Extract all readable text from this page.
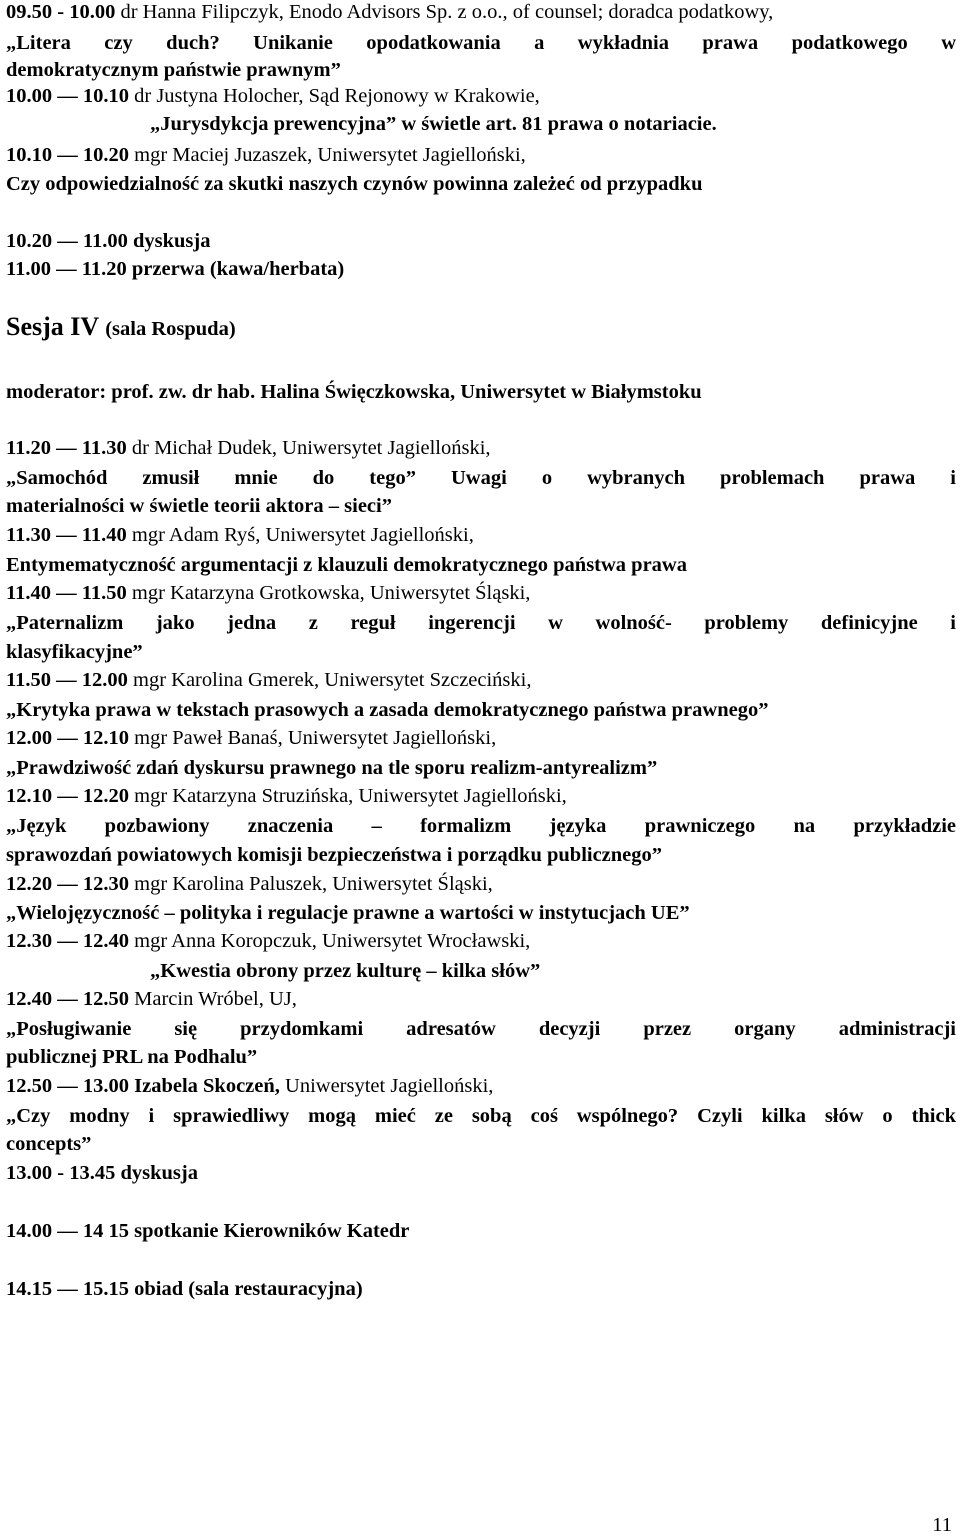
09.50 - 10.00 dr Hanna Filipczyk, Enodo Advisors Sp. z o.o., of counsel; doradca podatkowy,
„Litera czy duch? Unikanie opodatkowania a wykładnia prawa podatkowego w
demokratycznym państwie prawnym”
10.00 — 10.10 dr Justyna Holocher, Sąd Rejonowy w Krakowie,
„Jurysdykcja prewencyjna” w świetle art. 81 prawa o notariacie.
10.10 — 10.20 mgr Maciej Juzaszek, Uniwersytet Jagielloński,
Czy odpowiedzialność za skutki naszych czynów powinna zależeć od przypadku
10.20 — 11.00 dyskusja
11.00 — 11.20 przerwa (kawa/herbata)
Sesja IV (sala Rospuda)
moderator: prof. zw. dr hab. Halina Święczkowska, Uniwersytet w Białymstoku
11.20 — 11.30 dr Michał Dudek, Uniwersytet Jagielloński,
„Samochód zmusił mnie do tego” Uwagi o wybranych problemach prawa i
materialności w świetle teorii aktora – sieci”
11.30 — 11.40 mgr Adam Ryś, Uniwersytet Jagielloński,
Entymematyczność argumentacji z klauzuli demokratycznego państwa prawa
11.40 — 11.50 mgr Katarzyna Grotkowska, Uniwersytet Śląski,
„Paternalizm jako jedna z reguł ingerencji w wolność- problemy definicyjne i
klasyfikacyjne”
11.50 — 12.00 mgr Karolina Gmerek, Uniwersytet Szczeciński,
„Krytyka prawa w tekstach prasowych a zasada demokratycznego państwa prawnego”
12.00 — 12.10 mgr Paweł Banaś, Uniwersytet Jagielloński,
„Prawdziwość zdań dyskursu prawnego na tle sporu realizm-antyrealizm”
12.10 — 12.20 mgr Katarzyna Struzińska, Uniwersytet Jagielloński,
„Język pozbawiony znaczenia – formalizm języka prawniczego na przykładzie
sprawozdań powiatowych komisji bezpieczeństwa i porządku publicznego”
12.20 — 12.30 mgr Karolina Paluszek, Uniwersytet Śląski,
„Wielojęzyczność – polityka i regulacje prawne a wartości w instytucjach UE”
12.30 — 12.40 mgr Anna Koropczuk, Uniwersytet Wrocławski,
„Kwestia obrony przez kulturę – kilka słów”
12.40 — 12.50 Marcin Wróbel, UJ,
„Posługiwanie się przydomkami adresatów decyzji przez organy administracji
publicznej PRL na Podhalu”
12.50 — 13.00 Izabela Skoczeń, Uniwersytet Jagielloński,
„Czy modny i sprawiedliwy mogą mieć ze sobą coś wspólnego? Czyli kilka słów o thick
concepts”
13.00 - 13.45 dyskusja
14.00 — 14 15 spotkanie Kierowników Katedr
14.15 — 15.15 obiad (sala restauracyjna)
11
